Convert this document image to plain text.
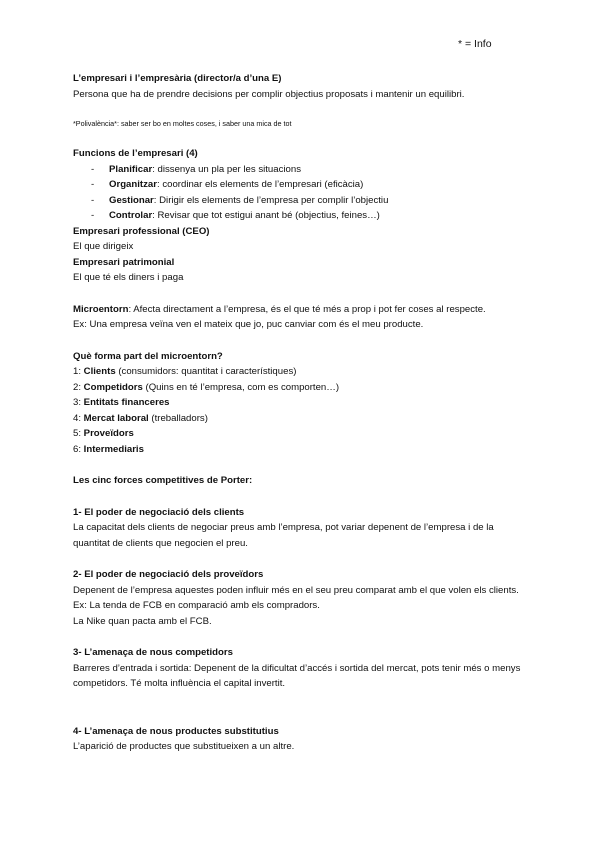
* = Info

L’empresari i l’empresària (director/a d’una E)

Persona que ha de prendre decisions per complir objectius proposats i mantenir un equilibri.

*Polivalència*: saber ser bo en moltes coses, i saber una mica de tot

Funcions de l’empresari (4)

- Planificar: dissenya un pla per les situacions
- Organitzar: coordinar els elements de l’empresari (eficàcia)
- Gestionar: Dirigir els elements de l’empresa per complir l’objectiu
- Controlar: Revisar que tot estigui anant bé (objectius, feines…)

Empresari professional (CEO)

El que dirigeix

Empresari patrimonial

El que té els diners i paga

Microentorn: Afecta directament a l’empresa, és el que té més a prop i pot fer coses al respecte.

Ex: Una empresa veïna ven el mateix que jo, puc canviar com és el meu producte.

Què forma part del microentorn?

1: Clients (consumidors: quantitat i característiques)

2: Competidors (Quins en té l’empresa, com es comporten…)

3: Entitats financeres

4: Mercat laboral (treballadors)

5: Proveïdors

6: Intermediaris

Les cinc forces competitives de Porter:

1- El poder de negociació dels clients

La capacitat dels clients de negociar preus amb l’empresa, pot variar depenent de l’empresa i de la quantitat de clients que negocien el preu.

2- El poder de negociació dels proveïdors

Depenent de l’empresa aquestes poden influir més en el seu preu comparat amb el que volen els clients.

Ex: La tenda de FCB en comparació amb els compradors.

La Nike quan pacta amb el FCB.

3- L’amenaça de nous competidors

Barreres d’entrada i sortida: Depenent de la dificultat d’accés i sortida del mercat, pots tenir més o menys competidors. Té molta influència el capital invertit.

4- L’amenaça de nous productes substitutius

L’aparició de productes que substitueixen a un altre.
